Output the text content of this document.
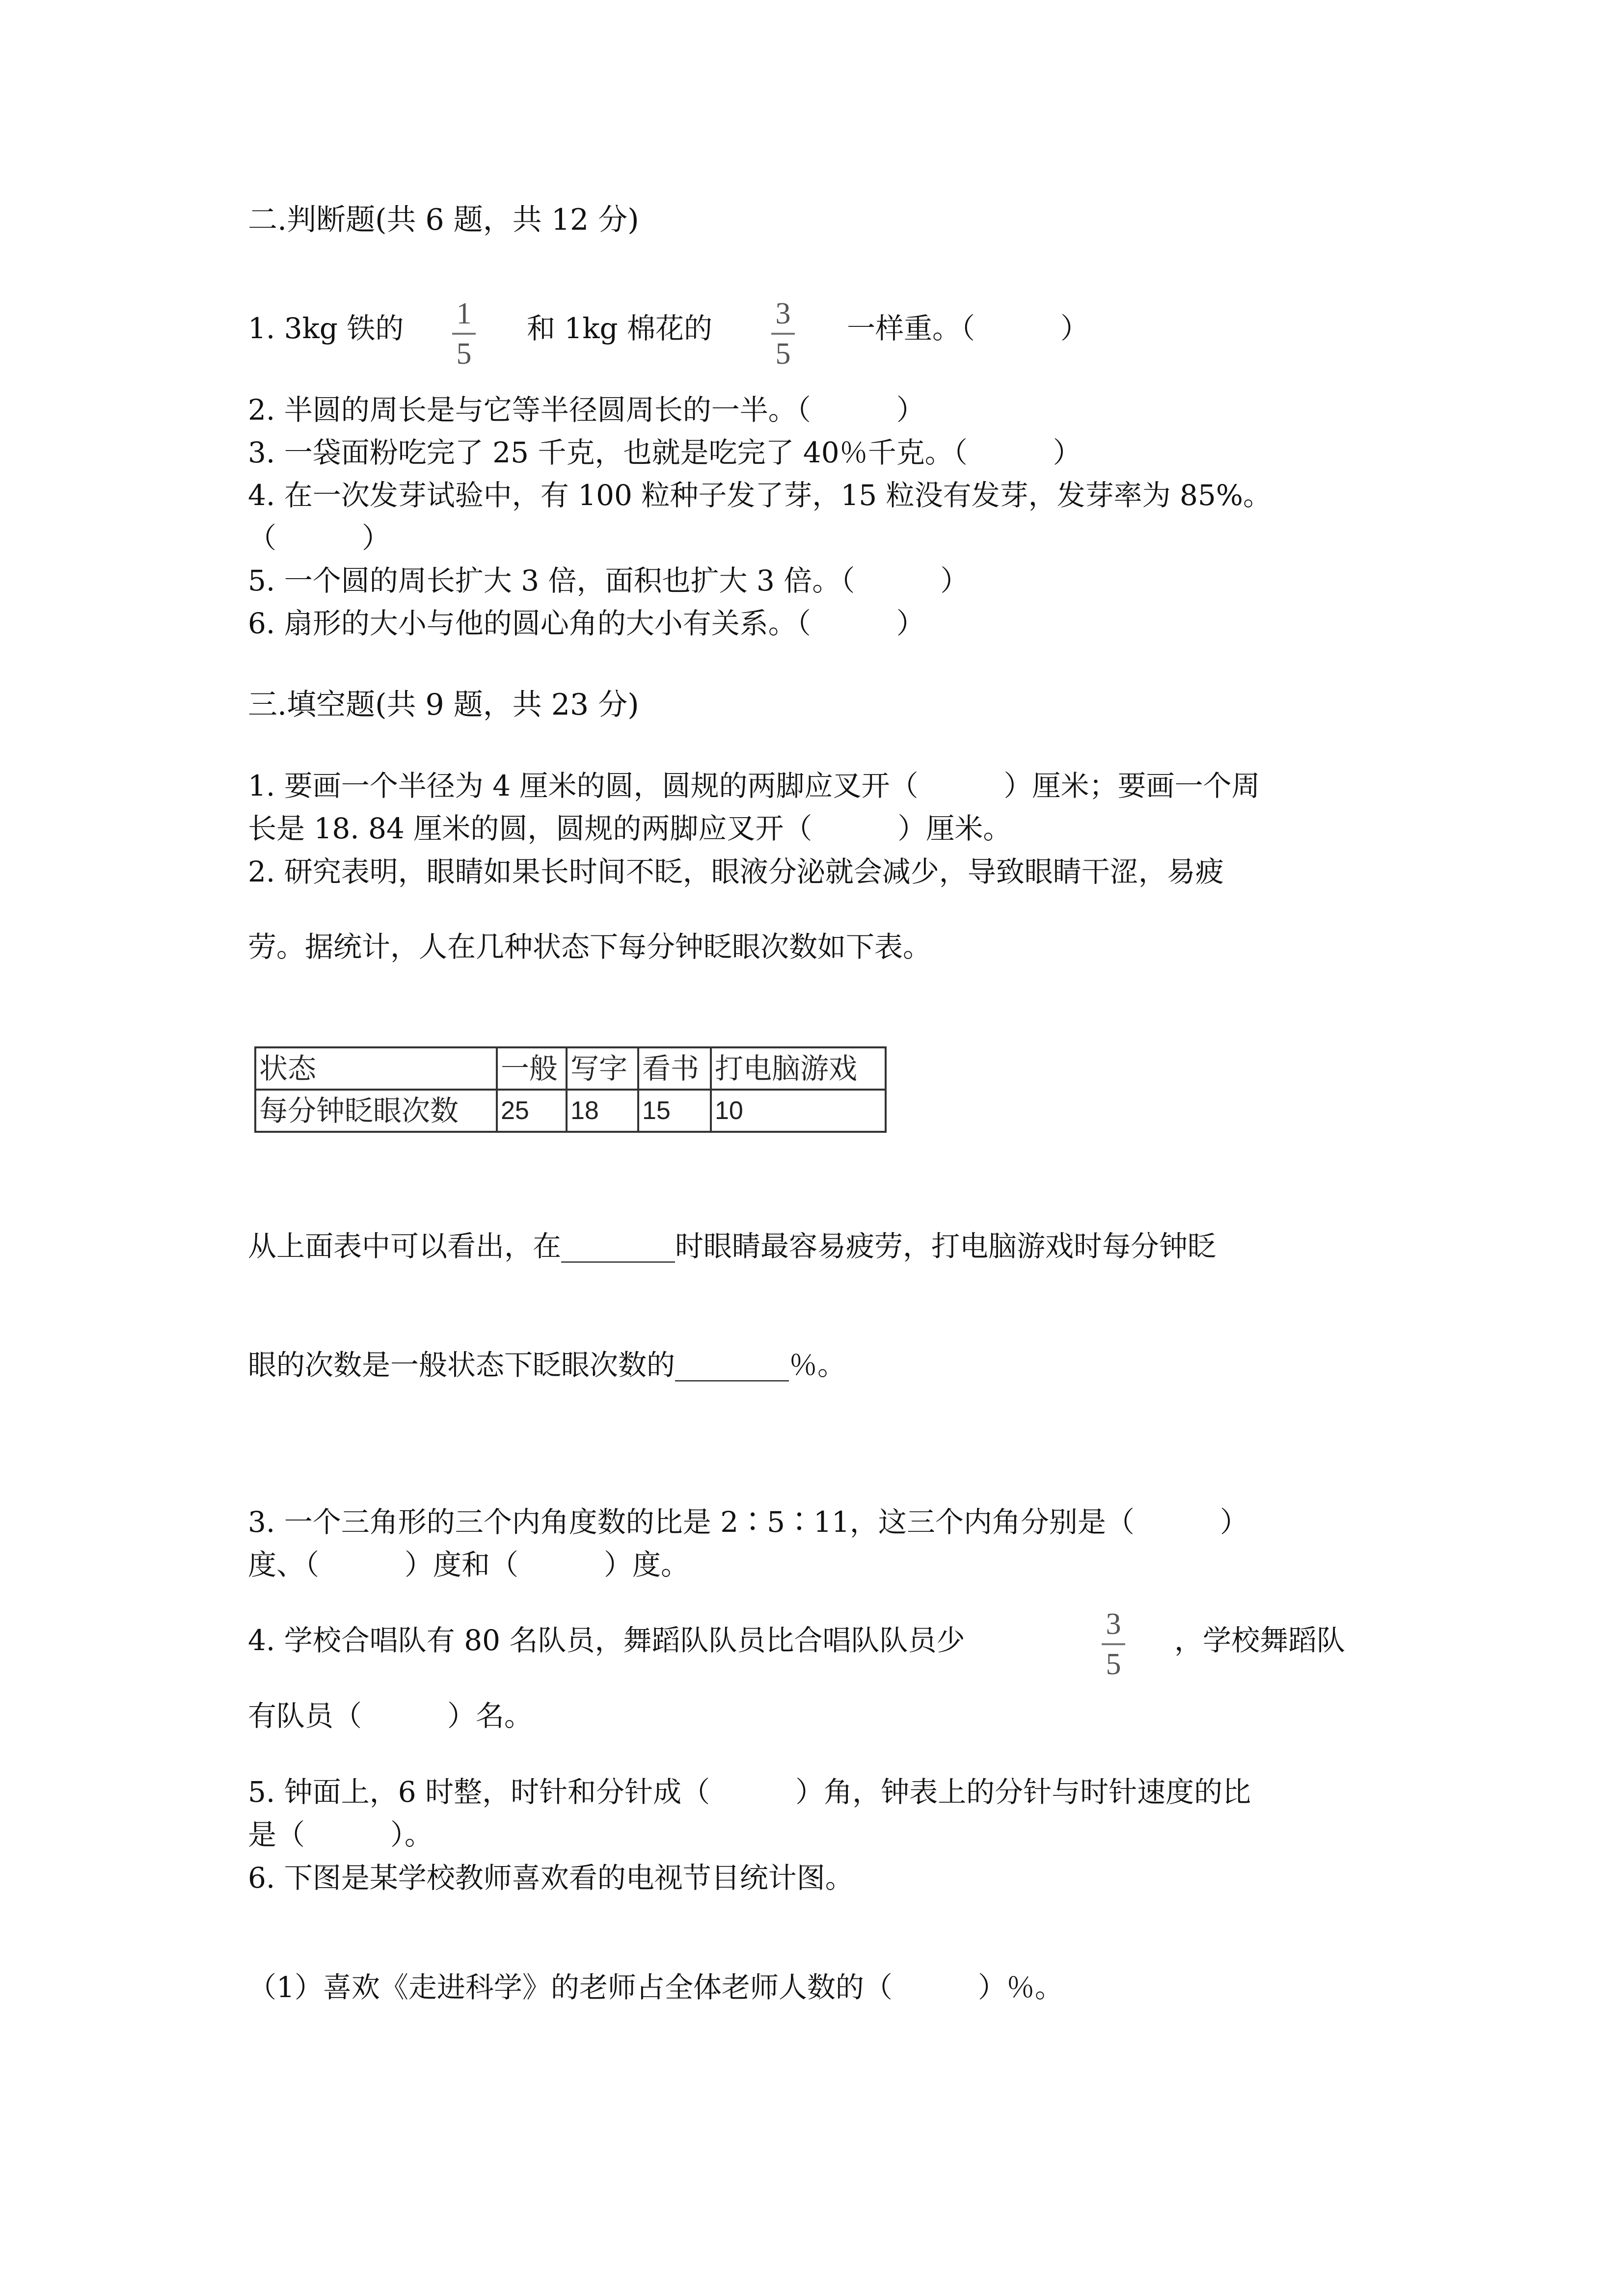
二.判断题(共 6 题，共 12 分)
1. 3kg 铁的 1
5
和 1kg 棉花的 3
5
一样重。（　　　）
2. 半圆的周长是与它等半径圆周长的一半。（　　　）
3. 一袋面粉吃完了 25 千克，也就是吃完了 40％千克。（　　　）
4. 在一次发芽试验中，有 100 粒种子发了芽，15 粒没有发芽，发芽率为 85%。
（　　　）
5. 一个圆的周长扩大 3 倍，面积也扩大 3 倍。（　　　）
6. 扇形的大小与他的圆心角的大小有关系。（　　　）
三.填空题(共 9 题，共 23 分)
1. 要画一个半径为 4 厘米的圆，圆规的两脚应叉开（　　　）厘米；要画一个周
长是 18. 84 厘米的圆，圆规的两脚应叉开（　　　）厘米。
2. 研究表明，眼睛如果长时间不眨，眼液分泌就会减少，导致眼睛干涩，易疲
劳。据统计，人在几种状态下每分钟眨眼次数如下表。
状态	一般	写字	看书	打电脑游戏
每分钟眨眼次数	25	18	15	10
从上面表中可以看出，在________时眼睛最容易疲劳，打电脑游戏时每分钟眨
眼的次数是一般状态下眨眼次数的________％。
3. 一个三角形的三个内角度数的比是 2∶5∶11，这三个内角分别是（　　　）
度、（　　　）度和（　　　）度。
4. 学校合唱队有 80 名队员，舞蹈队队员比合唱队队员少	3
5
，学校舞蹈队
有队员（　　　）名。
5. 钟面上，6 时整，时针和分针成（　　　）角，钟表上的分针与时针速度的比
是（　　　）。
6. 下图是某学校教师喜欢看的电视节目统计图。
（1）喜欢《走进科学》的老师占全体老师人数的（　　　）％。
